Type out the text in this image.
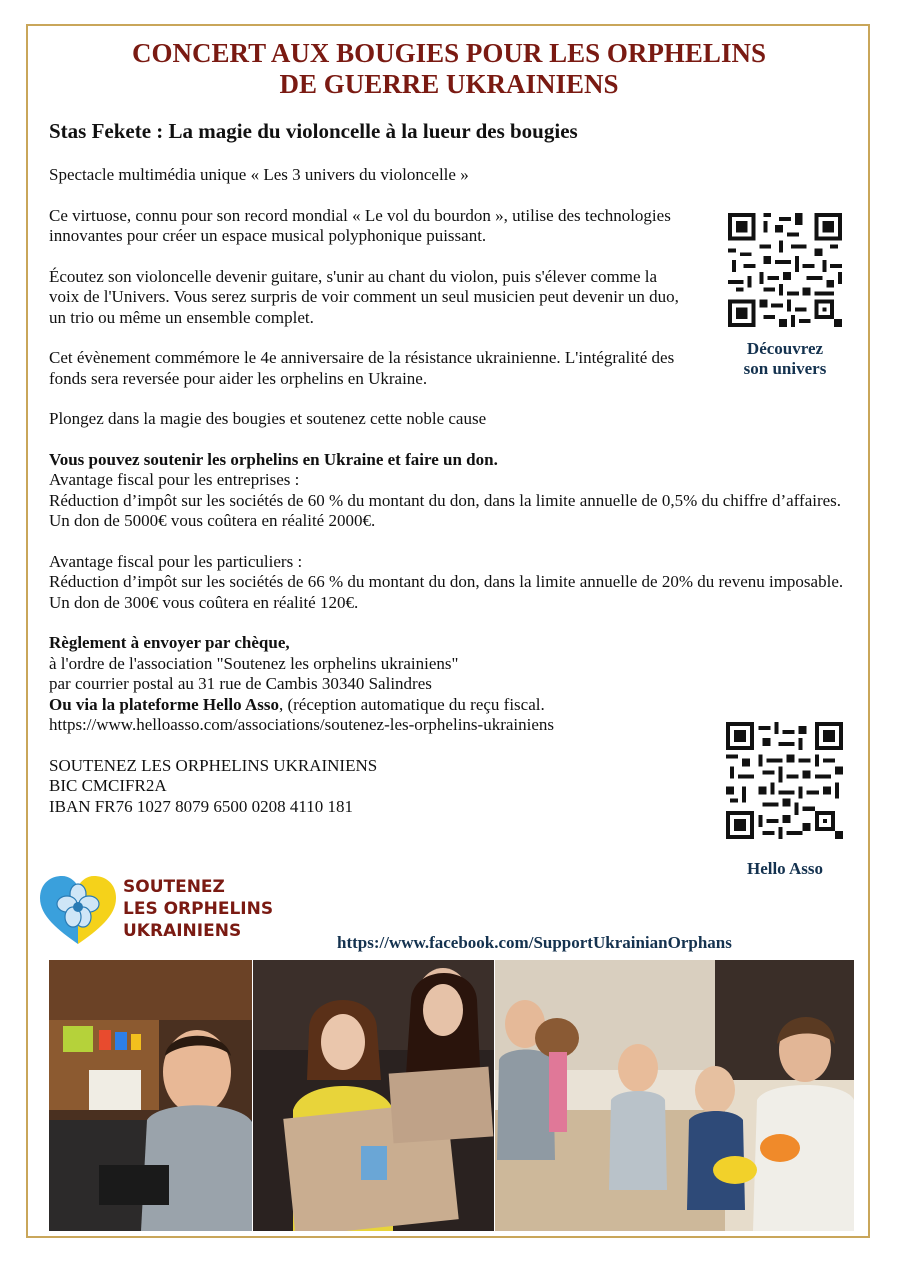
CONCERT AUX BOUGIES POUR LES ORPHELINS
DE GUERRE UKRAINIENS
Stas Fekete : La magie du violoncelle à la lueur des bougies

Spectacle multimédia unique « Les 3 univers du violoncelle »

Ce virtuose, connu pour son record mondial « Le vol du bourdon », utilise des technologies innovantes pour créer un espace musical polyphonique puissant.

Écoutez son violoncelle devenir guitare, s'unir au chant du violon, puis s'élever comme la voix de l'Univers. Vous serez surpris de voir comment un seul musicien peut devenir un duo, un trio ou même un ensemble complet.

Cet évènement commémore le 4e anniversaire de la résistance ukrainienne. L'intégralité des fonds sera reversée pour aider les orphelins en Ukraine.

Plongez dans la magie des bougies et soutenez cette noble cause

Vous pouvez soutenir les orphelins en Ukraine et faire un don.
Avantage fiscal pour les entreprises :
Réduction d’impôt sur les sociétés de 60 % du montant du don, dans la limite annuelle de 0,5% du chiffre d’affaires. Un don de 5000€ vous coûtera en réalité 2000€.

Avantage fiscal pour les particuliers :
Réduction d’impôt sur les sociétés de 66 % du montant du don, dans la limite annuelle de 20% du revenu imposable. Un don de 300€ vous coûtera en réalité 120€.

Règlement à envoyer par chèque,
à l'ordre de l'association "Soutenez les orphelins ukrainiens"
par courrier postal au 31 rue de Cambis 30340 Salindres
Ou via la plateforme Hello Asso, (réception automatique du reçu fiscal.
https://www.helloasso.com/associations/soutenez-les-orphelins-ukrainiens

SOUTENEZ LES ORPHELINS UKRAINIENS
BIC CMCIFR2A
IBAN FR76 1027 8079 6500 0208 4110 181

Découvrez
son univers
Hello Asso
SOUTENEZ
LES ORPHELINS
UKRAINIENS
https://www.facebook.com/SupportUkrainianOrphans
